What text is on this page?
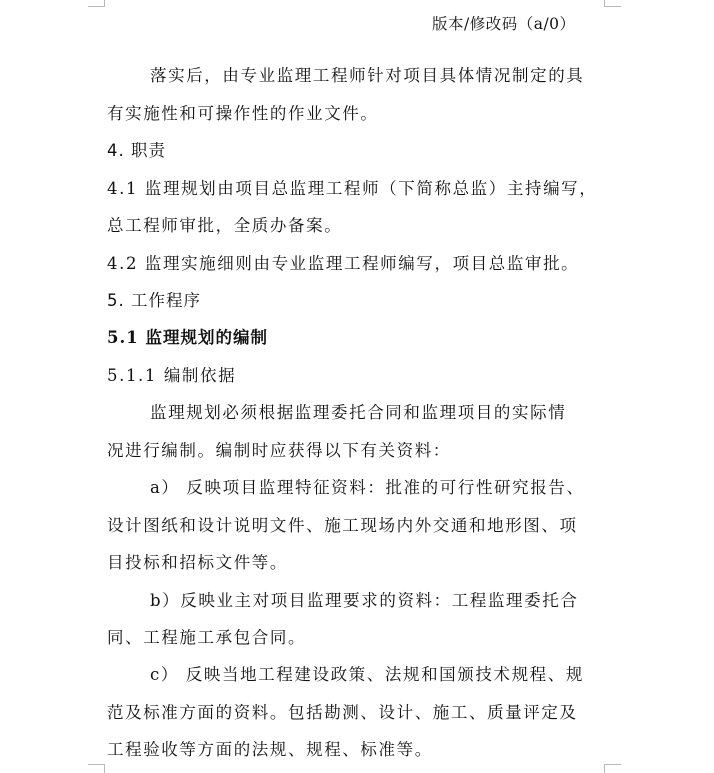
版本/修改码（a/0）
落实后，由专业监理工程师针对项目具体情况制定的具
有实施性和可操作性的作业文件。
4. 职责
4.1 监理规划由项目总监理工程师（下简称总监）主持编写，
总工程师审批，全质办备案。
4.2 监理实施细则由专业监理工程师编写，项目总监审批。
5. 工作程序
5.1 监理规划的编制
5.1.1 编制依据
监理规划必须根据监理委托合同和监理项目的实际情
况进行编制。编制时应获得以下有关资料：
a） 反映项目监理特征资料：批准的可行性研究报告、
设计图纸和设计说明文件、施工现场内外交通和地形图、项
目投标和招标文件等。
b）反映业主对项目监理要求的资料：工程监理委托合
同、工程施工承包合同。
c） 反映当地工程建设政策、法规和国颁技术规程、规
范及标准方面的资料。包括勘测、设计、施工、质量评定及
工程验收等方面的法规、规程、标准等。
